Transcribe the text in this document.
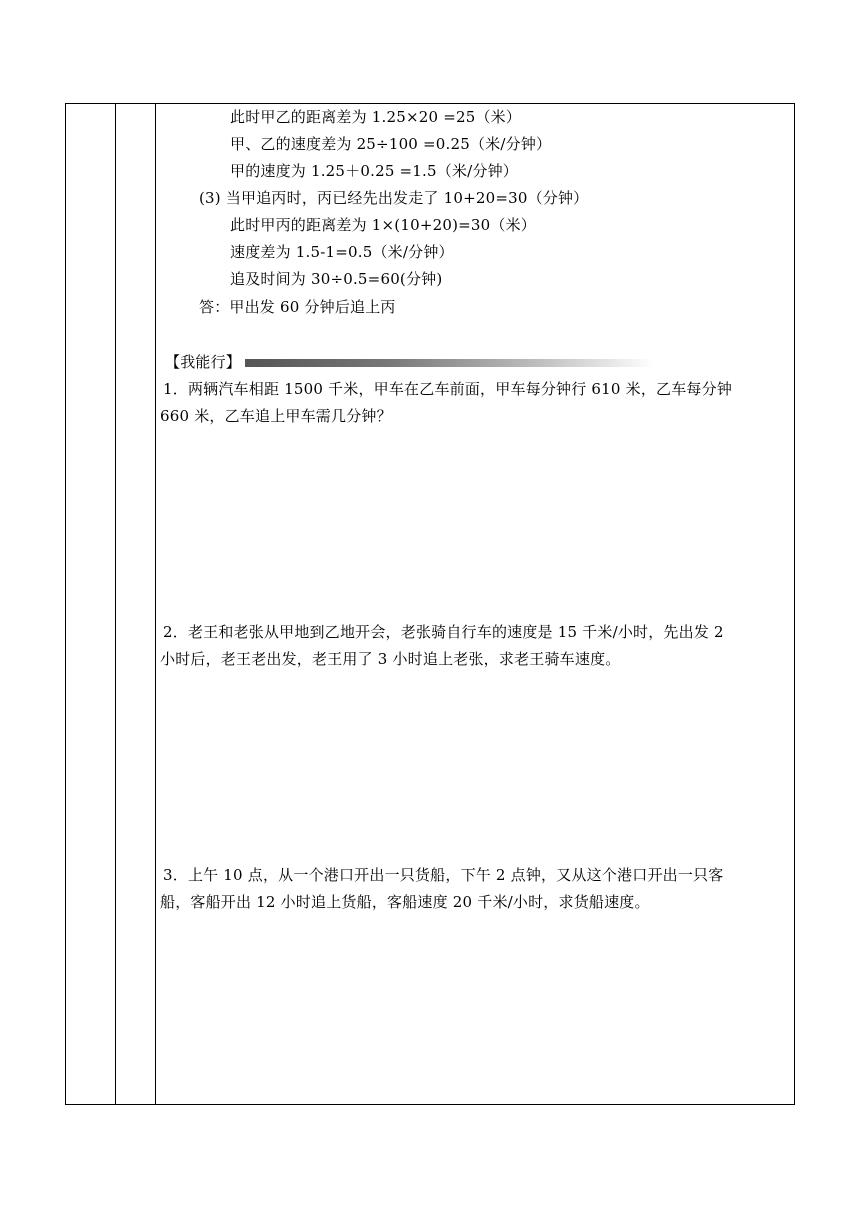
此时甲乙的距离差为 1.25×20 =25（米）
甲、乙的速度差为 25÷100 =0.25（米/分钟）
甲的速度为 1.25＋0.25 =1.5（米/分钟）
(3) 当甲追丙时，丙已经先出发走了 10+20=30（分钟）
此时甲丙的距离差为 1×(10+20)=30（米）
速度差为 1.5-1=0.5（米/分钟）
追及时间为 30÷0.5=60(分钟)
答：甲出发 60 分钟后追上丙
【我能行】
1．两辆汽车相距 1500 千米，甲车在乙车前面，甲车每分钟行 610 米，乙车每分钟
660 米，乙车追上甲车需几分钟？
2．老王和老张从甲地到乙地开会，老张骑自行车的速度是 15 千米/小时，先出发 2
小时后，老王老出发，老王用了 3 小时追上老张，求老王骑车速度。
3．上午 10 点，从一个港口开出一只货船，下午 2 点钟，又从这个港口开出一只客
船，客船开出 12 小时追上货船，客船速度 20 千米/小时，求货船速度。
